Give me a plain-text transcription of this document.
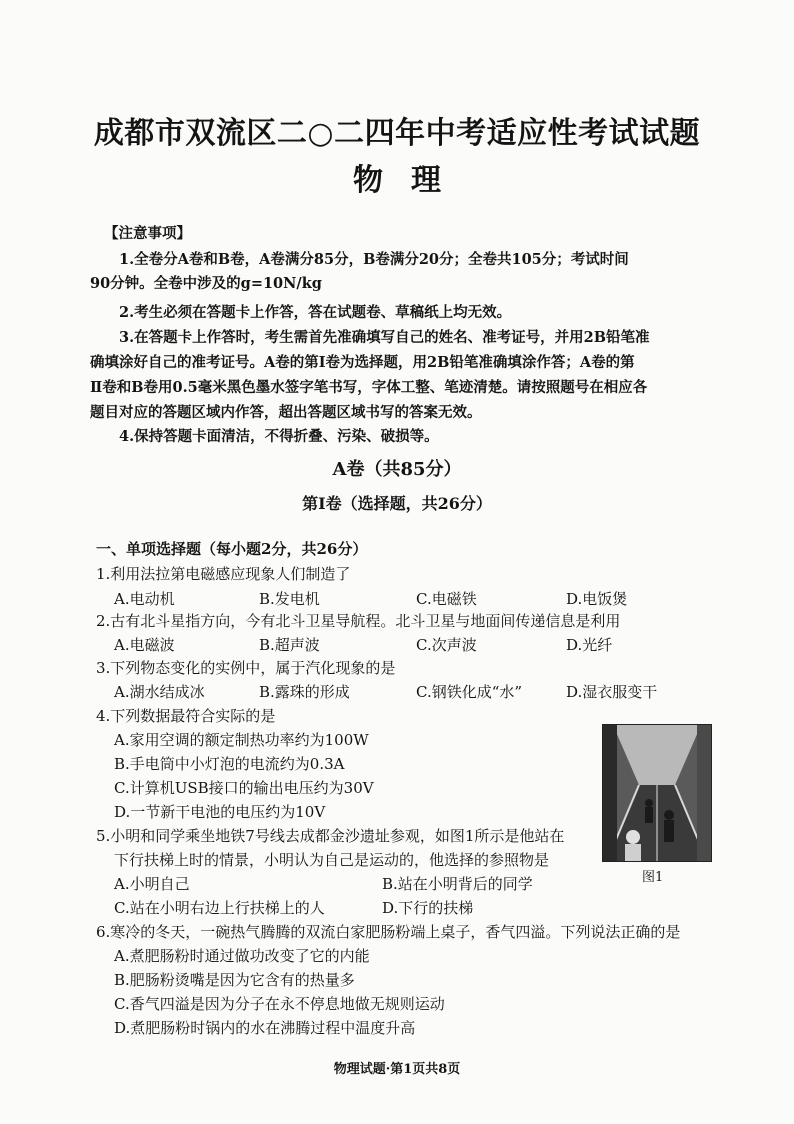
成都市双流区二○二四年中考适应性考试试题
物理
【注意事项】
1.全卷分A卷和B卷，A卷满分85分，B卷满分20分；全卷共105分；考试时间
90分钟。全卷中涉及的g=10N/kg
2.考生必须在答题卡上作答，答在试题卷、草稿纸上均无效。
3.在答题卡上作答时，考生需首先准确填写自己的姓名、准考证号，并用2B铅笔准
确填涂好自己的准考证号。A卷的第Ⅰ卷为选择题，用2B铅笔准确填涂作答；A卷的第
Ⅱ卷和B卷用0.5毫米黑色墨水签字笔书写，字体工整、笔迹清楚。请按照题号在相应各
题目对应的答题区域内作答，超出答题区域书写的答案无效。
4.保持答题卡面清洁，不得折叠、污染、破损等。
A卷（共85分）
第Ⅰ卷（选择题，共26分）
一、单项选择题（每小题2分，共26分）
1.利用法拉第电磁感应现象人们制造了
A.电动机	B.发电机	C.电磁铁	D.电饭煲
2.古有北斗星指方向，今有北斗卫星导航程。北斗卫星与地面间传递信息是利用
A.电磁波	B.超声波	C.次声波	D.光纤
3.下列物态变化的实例中，属于汽化现象的是
A.湖水结成冰	B.露珠的形成	C.钢铁化成“水”	D.湿衣服变干
4.下列数据最符合实际的是
A.家用空调的额定制热功率约为100W
B.手电筒中小灯泡的电流约为0.3A
C.计算机USB接口的输出电压约为30V
D.一节新干电池的电压约为10V
图1
5.小明和同学乘坐地铁7号线去成都金沙遗址参观，如图1所示是他站在
下行扶梯上时的情景，小明认为自己是运动的，他选择的参照物是
A.小明自己	B.站在小明背后的同学
C.站在小明右边上行扶梯上的人	D.下行的扶梯
6.寒冷的冬天，一碗热气腾腾的双流白家肥肠粉端上桌子，香气四溢。下列说法正确的是
A.煮肥肠粉时通过做功改变了它的内能
B.肥肠粉烫嘴是因为它含有的热量多
C.香气四溢是因为分子在永不停息地做无规则运动
D.煮肥肠粉时锅内的水在沸腾过程中温度升高
物理试题·第1页共8页
